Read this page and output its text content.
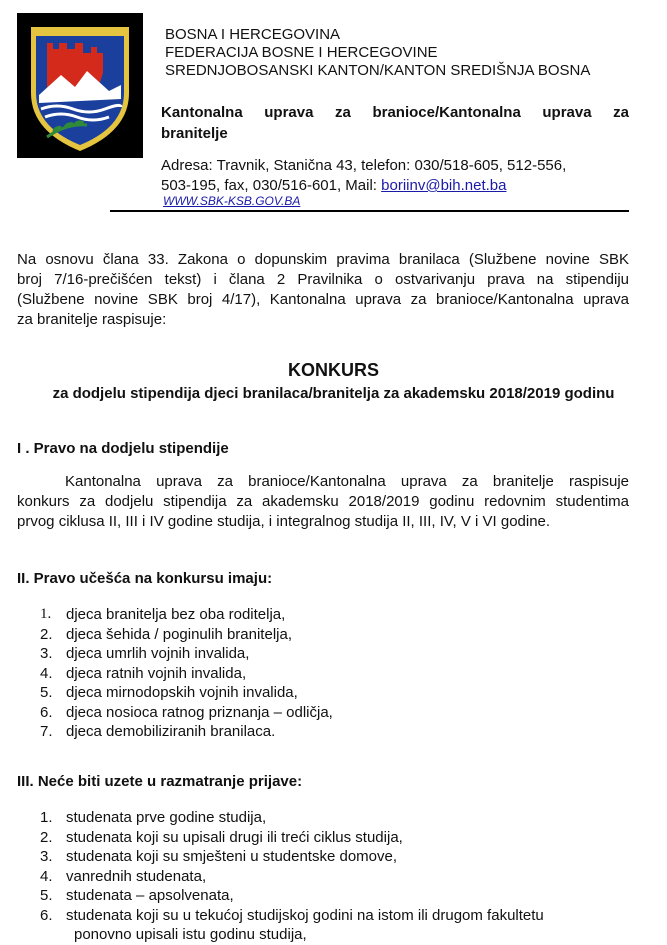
BOSNA I HERCEGOVINA
FEDERACIJA BOSNE I HERCEGOVINE
SREDNJOBOSANSKI KANTON/KANTON SREDIŠNJA BOSNA
Kantonalna uprava za branioce/Kantonalna uprava za
branitelje
Adresa: Travnik, Stanična 43, telefon: 030/518-605, 512-556,
503-195, fax, 030/516-601, Mail: boriinv@bih.net.ba
WWW.SBK-KSB.GOV.BA
Na osnovu člana 33. Zakona o dopunskim pravima branilaca (Službene novine SBK
broj 7/16-prečišćen tekst) i člana 2 Pravilnika o ostvarivanju prava na stipendiju
(Službene novine SBK broj 4/17), Kantonalna uprava za branioce/Kantonalna uprava
za branitelje raspisuje:
KONKURS
za dodjelu stipendija djeci branilaca/branitelja za akademsku 2018/2019 godinu
I . Pravo na dodjelu stipendije
Kantonalna uprava za branioce/Kantonalna uprava za branitelje raspisuje
konkurs za dodjelu stipendija za akademsku 2018/2019 godinu redovnim studentima
prvog ciklusa II, III i IV godine studija, i integralnog studija II, III, IV, V i VI godine.
II. Pravo učešća na konkursu imaju:
1. djeca branitelja bez oba roditelja,
2. djeca šehida / poginulih branitelja,
3. djeca umrlih vojnih invalida,
4. djeca ratnih vojnih invalida,
5. djeca mirnodopskih vojnih invalida,
6. djeca nosioca ratnog priznanja – odličja,
7. djeca demobiliziranih branilaca.
III. Neće biti uzete u razmatranje prijave:
1. studenata prve godine studija,
2. studenata koji su upisali drugi ili treći ciklus studija,
3. studenata koji su smješteni u studentske domove,
4. vanrednih studenata,
5. studenata – apsolvenata,
6. studenata koji su u tekućoj studijskoj godini na istom ili drugom fakultetu
ponovno upisali istu godinu studija,
